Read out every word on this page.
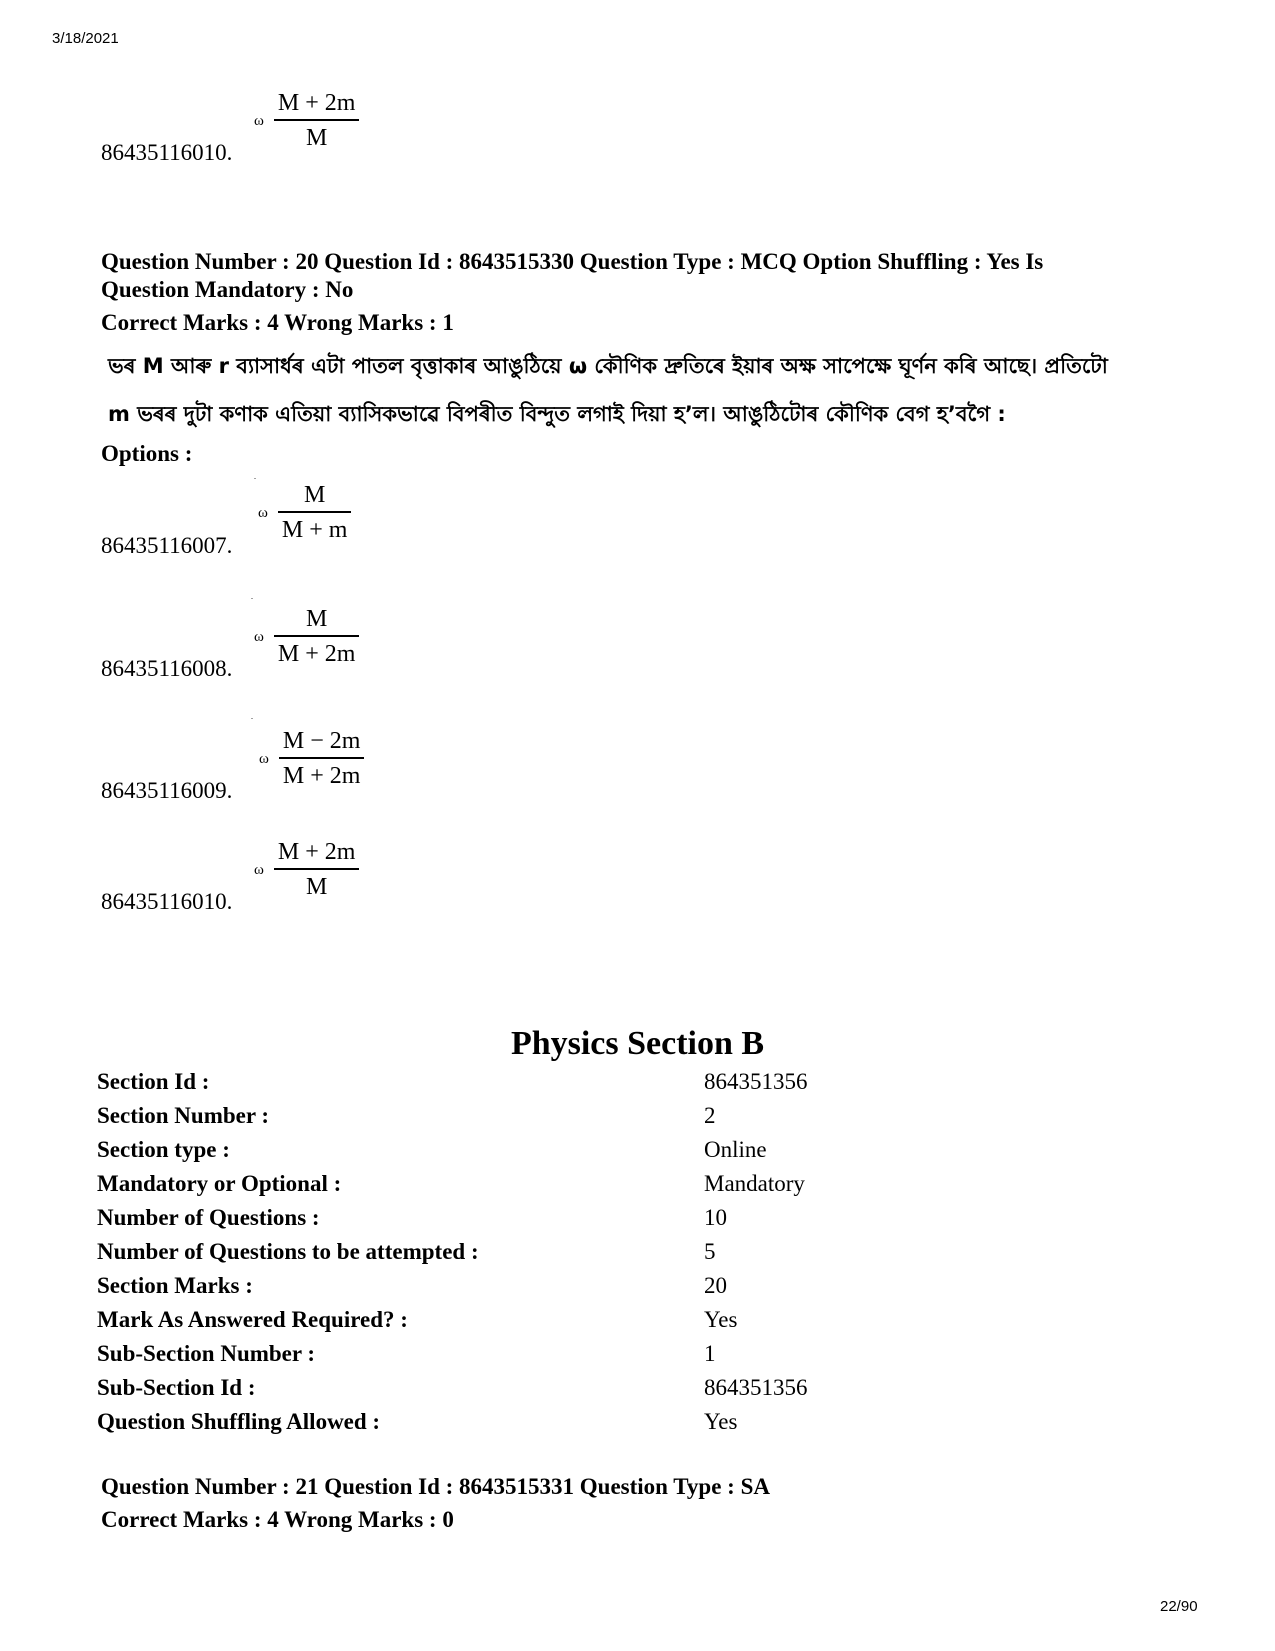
3/18/2021
86435116010.
ω $\frac{M + 2m}{M}$
Question Number : 20 Question Id : 8643515330 Question Type : MCQ Option Shuffling : Yes Is
Question Mandatory : No
Correct Marks : 4 Wrong Marks : 1
ভৰ M আৰু r ব্যাসাৰ্ধৰ এটা পাতল বৃত্তাকাৰ আঙুঠিয়ে ω কৌণিক দ্ৰুতিৰে ইয়াৰ অক্ষ সাপেক্ষে ঘূৰ্ণন কৰি আছে। প্ৰতিটো
m ভৰৰ দুটা কণাক এতিয়া ব্যাসিকভাৱে বিপৰীত বিন্দুত লগাই দিয়া হ’ল। আঙুঠিটোৰ কৌণিক বেগ হ’বগৈ :
Options :
.
86435116007.
ω $\frac{M}{M + m}$
.
86435116008.
ω $\frac{M}{M + 2m}$
.
86435116009.
ω $\frac{M - 2m}{M + 2m}$
86435116010.
ω $\frac{M + 2m}{M}$
Physics Section B
Section Id :	864351356
Section Number :	2
Section type :	Online
Mandatory or Optional :	Mandatory
Number of Questions :	10
Number of Questions to be attempted :	5
Section Marks :	20
Mark As Answered Required? :	Yes
Sub-Section Number :	1
Sub-Section Id :	864351356
Question Shuffling Allowed :	Yes
Question Number : 21 Question Id : 8643515331 Question Type : SA
Correct Marks : 4 Wrong Marks : 0
22/90
